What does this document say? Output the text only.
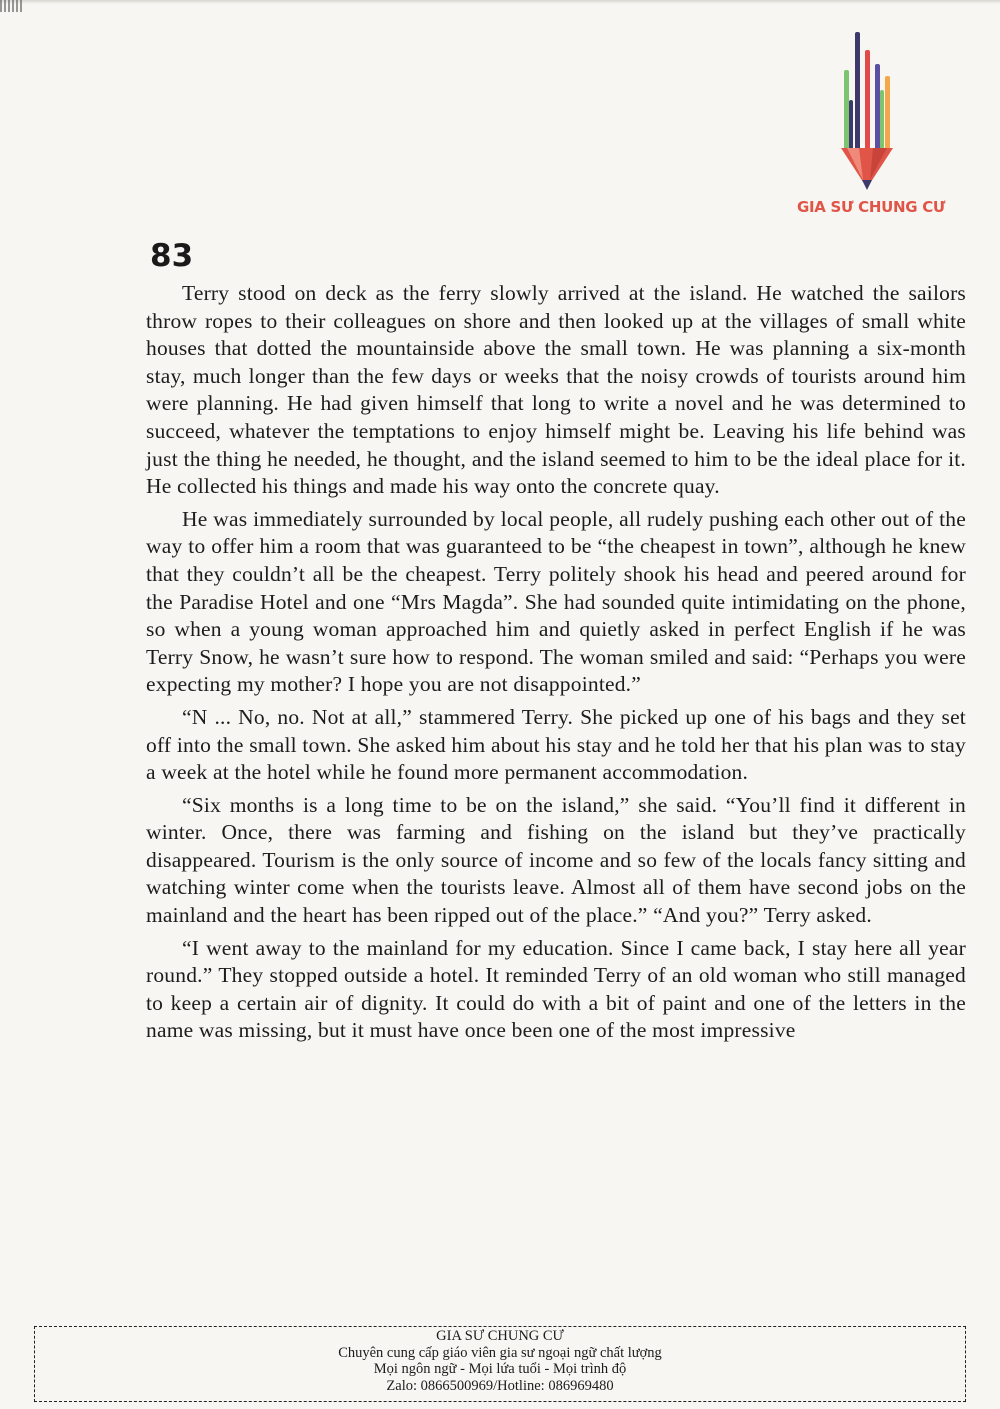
GIA SƯ CHUNG CƯ
83

Terry stood on deck as the ferry slowly arrived at the island. He watched the sailors throw ropes to their colleagues on shore and then looked up at the villages of small white houses that dotted the mountainside above the small town. He was planning a six-month stay, much longer than the few days or weeks that the noisy crowds of tourists around him were planning. He had given himself that long to write a novel and he was determined to succeed, whatever the temptations to enjoy himself might be. Leaving his life behind was just the thing he needed, he thought, and the island seemed to him to be the ideal place for it. He collected his things and made his way onto the concrete quay.

He was immediately surrounded by local people, all rudely pushing each other out of the way to offer him a room that was guaranteed to be “the cheapest in town”, although he knew that they couldn’t all be the cheapest. Terry politely shook his head and peered around for the Paradise Hotel and one “Mrs Magda”. She had sounded quite intimidating on the phone, so when a young woman approached him and quietly asked in perfect English if he was Terry Snow, he wasn’t sure how to respond. The woman smiled and said: “Perhaps you were expecting my mother? I hope you are not disappointed.”

“N ... No, no. Not at all,” stammered Terry. She picked up one of his bags and they set off into the small town. She asked him about his stay and he told her that his plan was to stay a week at the hotel while he found more permanent accommodation.

“Six months is a long time to be on the island,” she said. “You’ll find it different in winter. Once, there was farming and fishing on the island but they’ve practically disappeared. Tourism is the only source of income and so few of the locals fancy sitting and watching winter come when the tourists leave. Almost all of them have second jobs on the mainland and the heart has been ripped out of the place.” “And you?” Terry asked.

“I went away to the mainland for my education. Since I came back, I stay here all year round.” They stopped outside a hotel. It reminded Terry of an old woman who still managed to keep a certain air of dignity. It could do with a bit of paint and one of the letters in the name was missing, but it must have once been one of the most impressive

GIA SƯ CHUNG CƯ
Chuyên cung cấp giáo viên gia sư ngoại ngữ chất lượng
Mọi ngôn ngữ - Mọi lứa tuổi - Mọi trình độ
Zalo: 0866500969/Hotline: 086969480
